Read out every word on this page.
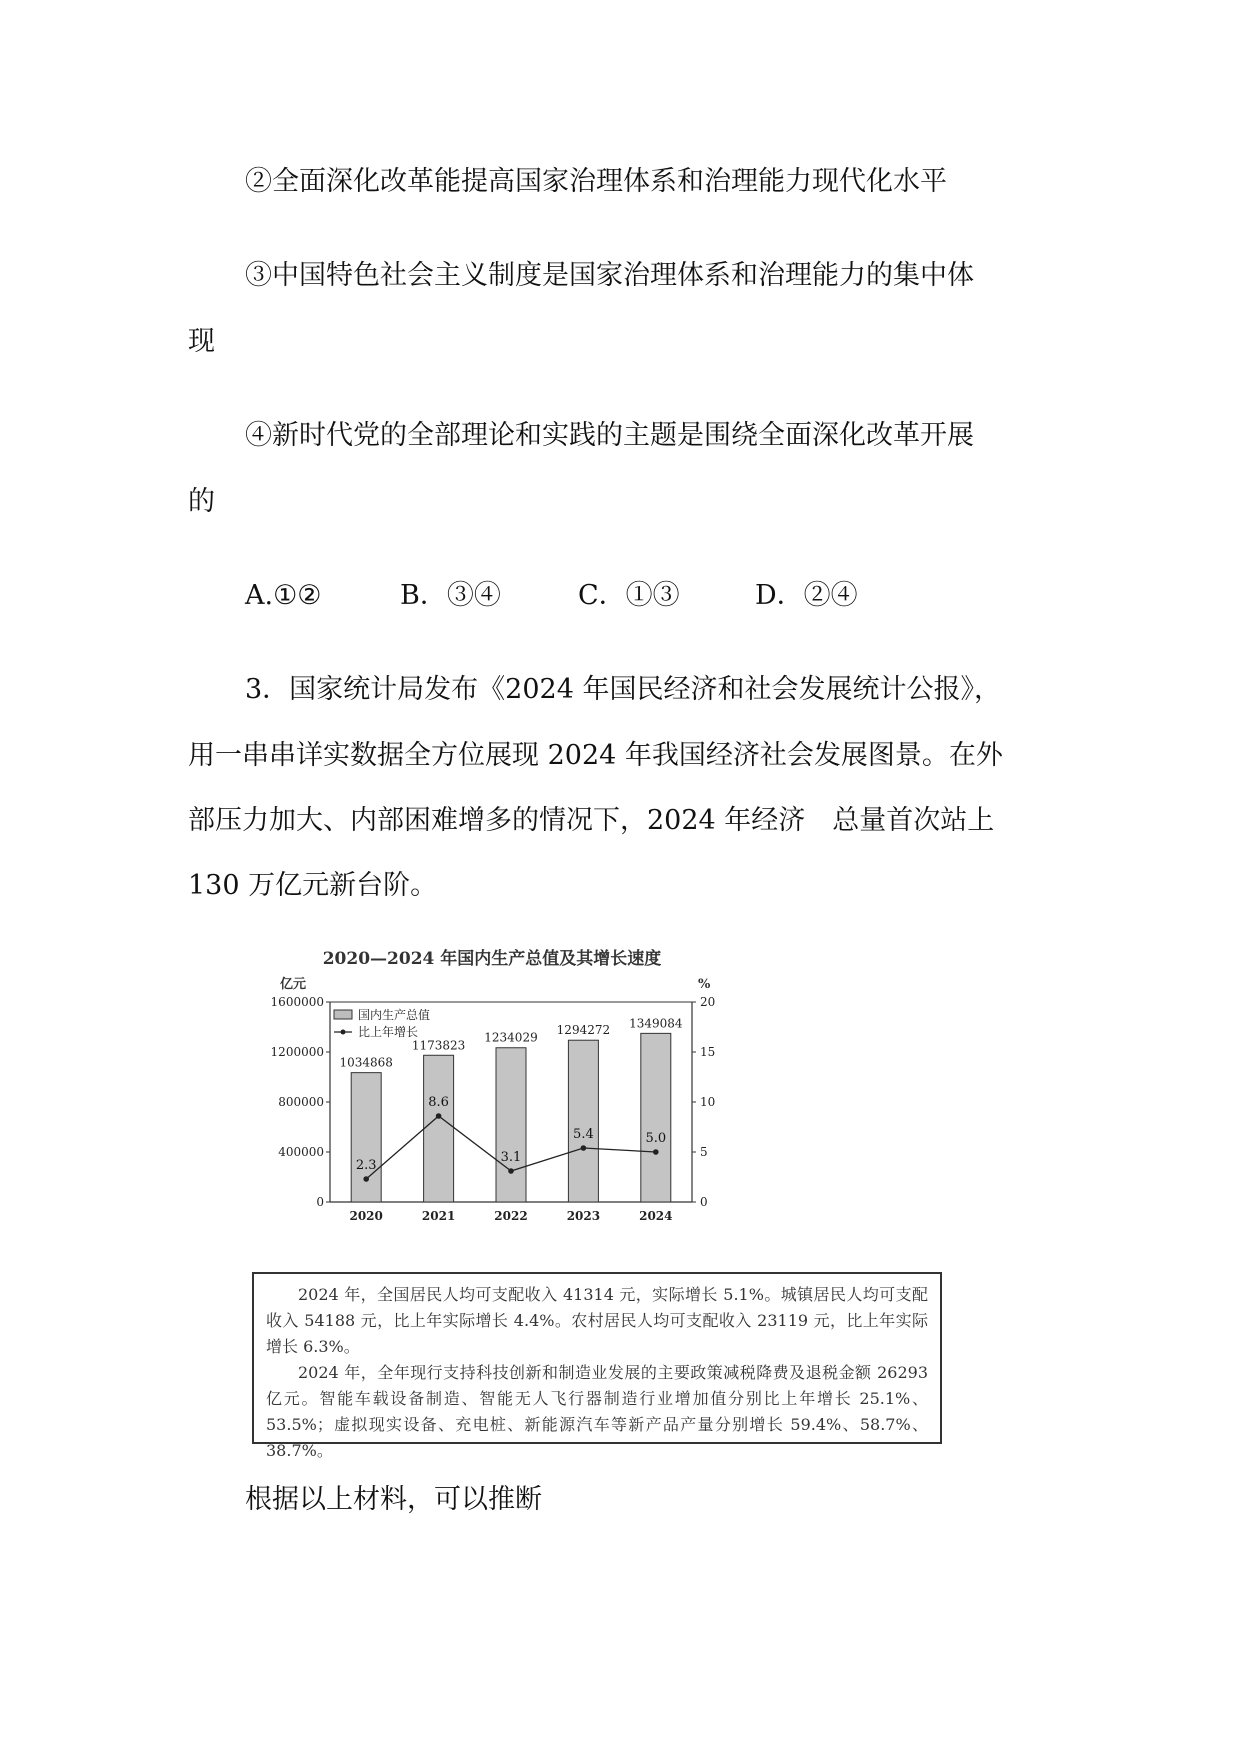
②全面深化改革能提高国家治理体系和治理能力现代化水平
③中国特色社会主义制度是国家治理体系和治理能力的集中体
现
④新时代党的全部理论和实践的主题是围绕全面深化改革开展
的
A.①②	B．③④	C．①③	D．②④
3．国家统计局发布《2024 年国民经济和社会发展统计公报》，
用一串串详实数据全方位展现 2024 年我国经济社会发展图景。在外
部压力加大、内部困难增多的情况下，2024 年经济　总量首次站上
130 万亿元新台阶。
2020—2024 年国内生产总值及其增长速度
亿元	%
0
400000
800000
1200000
1600000
0
5
10
15
20
1034868
2020
1173823
2021
1234029
2022
1294272
2023
1349084
2024
2.3
8.6
3.1
5.4	5.0
国内生产总值
比上年增长

2024 年，全国居民人均可支配收入 41314 元，实际增长 5.1%。城镇居民人均可支配收入 54188 元，比上年实际增长 4.4%。农村居民人均可支配收入 23119 元，比上年实际增长 6.3%。

2024 年，全年现行支持科技创新和制造业发展的主要政策减税降费及退税金额 26293 亿元。智能车载设备制造、智能无人飞行器制造行业增加值分别比上年增长 25.1%、53.5%；虚拟现实设备、充电桩、新能源汽车等新产品产量分别增长 59.4%、58.7%、38.7%。

根据以上材料，可以推断
